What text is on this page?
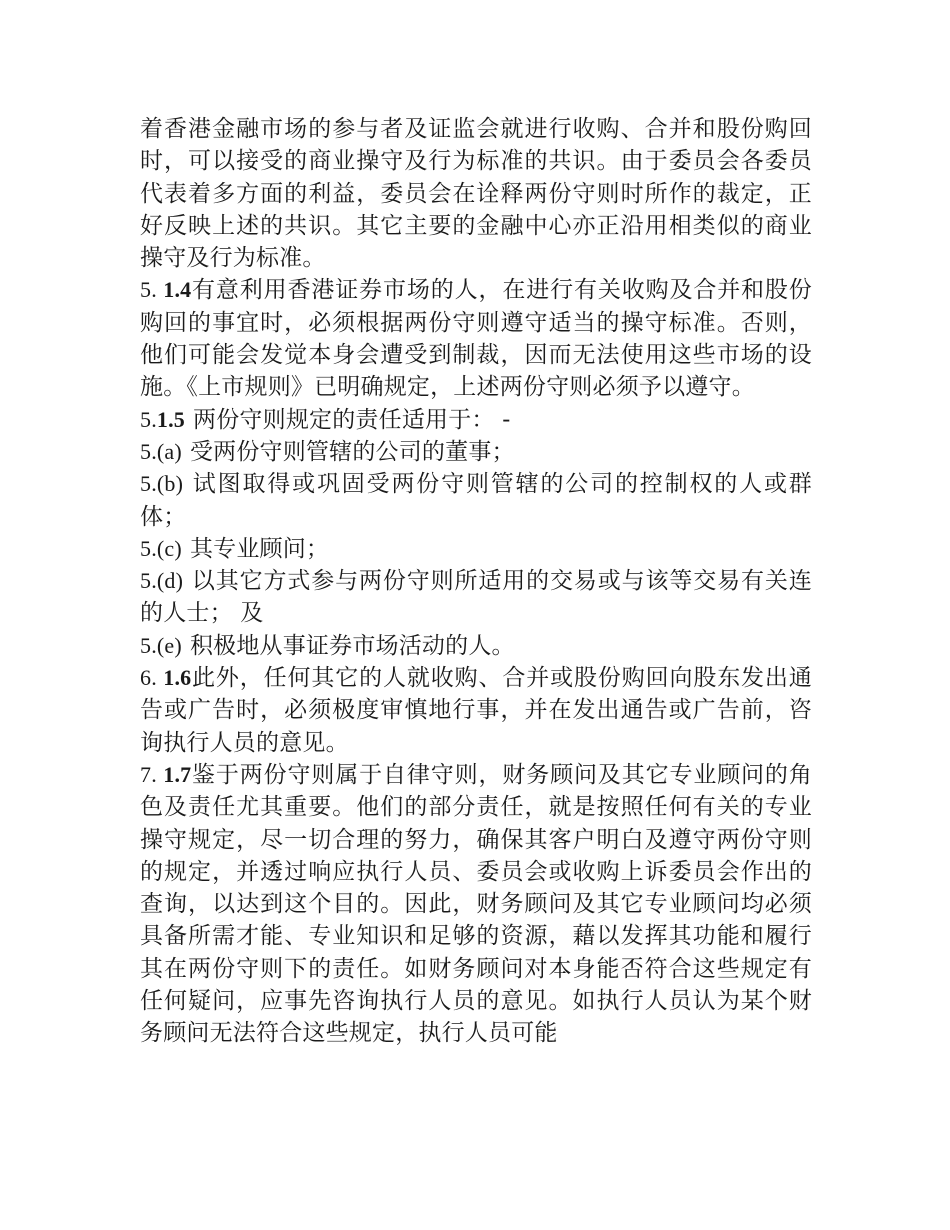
着香港金融市场的参与者及证监会就进行收购、合并和股份购回时，可以接受的商业操守及行为标准的共识。由于委员会各委员代表着多方面的利益，委员会在诠释两份守则时所作的裁定，正好反映上述的共识。其它主要的金融中心亦正沿用相类似的商业操守及行为标准。

5. 1.4有意利用香港证券市场的人，在进行有关收购及合并和股份购回的事宜时，必须根据两份守则遵守适当的操守标准。否则，他们可能会发觉本身会遭受到制裁，因而无法使用这些市场的设施。《上市规则》已明确规定，上述两份守则必须予以遵守。

5.1.5 两份守则规定的责任适用于： -

5.(a) 受两份守则管辖的公司的董事；

5.(b) 试图取得或巩固受两份守则管辖的公司的控制权的人或群体；

5.(c) 其专业顾问；

5.(d) 以其它方式参与两份守则所适用的交易或与该等交易有关连的人士； 及

5.(e) 积极地从事证券市场活动的人。

6. 1.6此外，任何其它的人就收购、合并或股份购回向股东发出通告或广告时，必须极度审慎地行事，并在发出通告或广告前，咨询执行人员的意见。

7. 1.7鉴于两份守则属于自律守则，财务顾问及其它专业顾问的角色及责任尤其重要。他们的部分责任，就是按照任何有关的专业操守规定，尽一切合理的努力，确保其客户明白及遵守两份守则的规定，并透过响应执行人员、委员会或收购上诉委员会作出的查询，以达到这个目的。因此，财务顾问及其它专业顾问均必须具备所需才能、专业知识和足够的资源，藉以发挥其功能和履行其在两份守则下的责任。如财务顾问对本身能否符合这些规定有任何疑问，应事先咨询执行人员的意见。如执行人员认为某个财务顾问无法符合这些规定，执行人员可能
